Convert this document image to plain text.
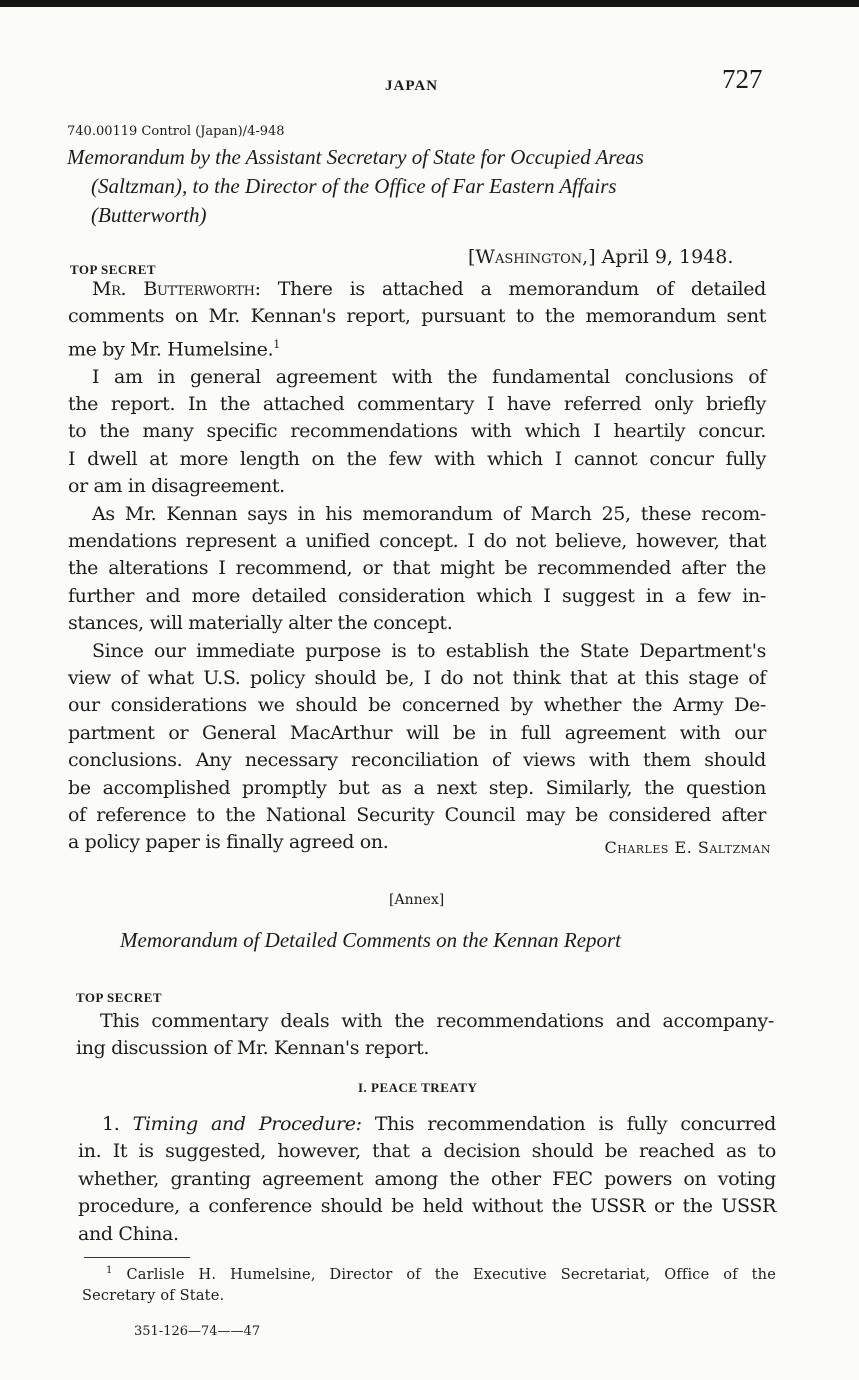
JAPAN	727
740.00119 Control (Japan)/4-948
Memorandum by the Assistant Secretary of State for Occupied Areas
(Saltzman), to the Director of the Office of Far Eastern Affairs
(Butterworth)
TOP SECRET
[Washington,] April 9, 1948.
Mr. Butterworth: There is attached a memorandum of detailed
comments on Mr. Kennan's report, pursuant to the memorandum sent
me by Mr. Humelsine.$^1$
I am in general agreement with the fundamental conclusions of
the report. In the attached commentary I have referred only briefly
to the many specific recommendations with which I heartily concur.
I dwell at more length on the few with which I cannot concur fully
or am in disagreement.
As Mr. Kennan says in his memorandum of March 25, these recom-
mendations represent a unified concept. I do not believe, however, that
the alterations I recommend, or that might be recommended after the
further and more detailed consideration which I suggest in a few in-
stances, will materially alter the concept.
Since our immediate purpose is to establish the State Department's
view of what U.S. policy should be, I do not think that at this stage of
our considerations we should be concerned by whether the Army De-
partment or General MacArthur will be in full agreement with our
conclusions. Any necessary reconciliation of views with them should
be accomplished promptly but as a next step. Similarly, the question
of reference to the National Security Council may be considered after
a policy paper is finally agreed on.	Charles E. Saltzman
[Annex]
Memorandum of Detailed Comments on the Kennan Report
TOP SECRET
This commentary deals with the recommendations and accompany-
ing discussion of Mr. Kennan's report.
I. PEACE TREATY
1. Timing and Procedure: This recommendation is fully concurred
in. It is suggested, however, that a decision should be reached as to
whether, granting agreement among the other FEC powers on voting
procedure, a conference should be held without the USSR or the USSR
and China.
$^1$ Carlisle H. Humelsine, Director of the Executive Secretariat, Office of the
Secretary of State.
351-126—74——47
